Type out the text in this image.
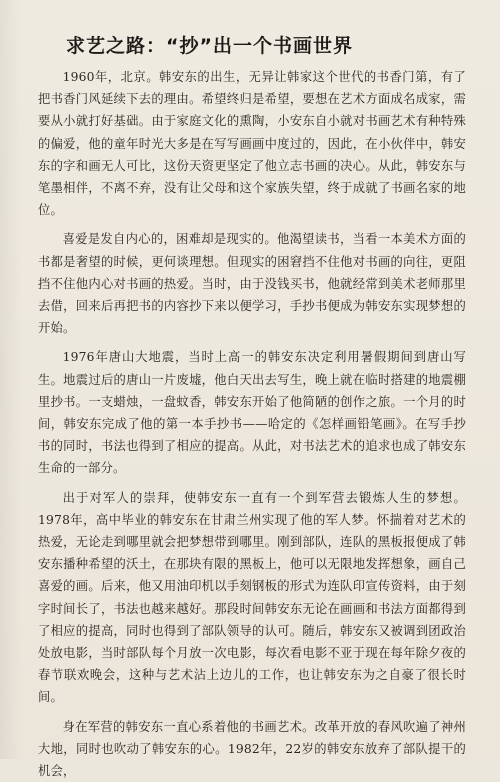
求艺之路：“抄”出一个书画世界

1960年，北京。韩安东的出生，无异让韩家这个世代的书香门第，有了把书香门风延续下去的理由。希望终归是希望，要想在艺术方面成名成家，需要从小就打好基础。由于家庭文化的熏陶，小安东自小就对书画艺术有种特殊的偏爱，他的童年时光大多是在写写画画中度过的，因此，在小伙伴中，韩安东的字和画无人可比，这份天资更坚定了他立志书画的决心。从此，韩安东与笔墨相伴，不离不弃，没有让父母和这个家族失望，终于成就了书画名家的地位。

喜爱是发自内心的，困难却是现实的。他渴望读书，当看一本美术方面的书都是奢望的时候，更何谈理想。但现实的困窘挡不住他对书画的向往，更阻挡不住他内心对书画的热爱。当时，由于没钱买书，他就经常到美术老师那里去借，回来后再把书的内容抄下来以便学习，手抄书便成为韩安东实现梦想的开始。

1976年唐山大地震，当时上高一的韩安东决定利用暑假期间到唐山写生。地震过后的唐山一片废墟，他白天出去写生，晚上就在临时搭建的地震棚里抄书。一支蜡烛，一盘蚊香，韩安东开始了他简陋的创作之旅。一个月的时间，韩安东完成了他的第一本手抄书——哈定的《怎样画铅笔画》。在写手抄书的同时，书法也得到了相应的提高。从此，对书法艺术的追求也成了韩安东生命的一部分。

出于对军人的崇拜，使韩安东一直有一个到军营去锻炼人生的梦想。1978年，高中毕业的韩安东在甘肃兰州实现了他的军人梦。怀揣着对艺术的热爱，无论走到哪里就会把梦想带到哪里。刚到部队，连队的黑板报便成了韩安东播种希望的沃土，在那块有限的黑板上，他可以无限地发挥想象，画自己喜爱的画。后来，他又用油印机以手刻钢板的形式为连队印宣传资料，由于刻字时间长了，书法也越来越好。那段时间韩安东无论在画画和书法方面都得到了相应的提高，同时也得到了部队领导的认可。随后，韩安东又被调到团政治处放电影，当时部队每个月放一次电影，每次看电影不亚于现在每年除夕夜的春节联欢晚会，这种与艺术沾上边儿的工作，也让韩安东为之自豪了很长时间。

身在军营的韩安东一直心系着他的书画艺术。改革开放的春风吹遍了神州大地，同时也吹动了韩安东的心。1982年，22岁的韩安东放弃了部队提干的机会，
